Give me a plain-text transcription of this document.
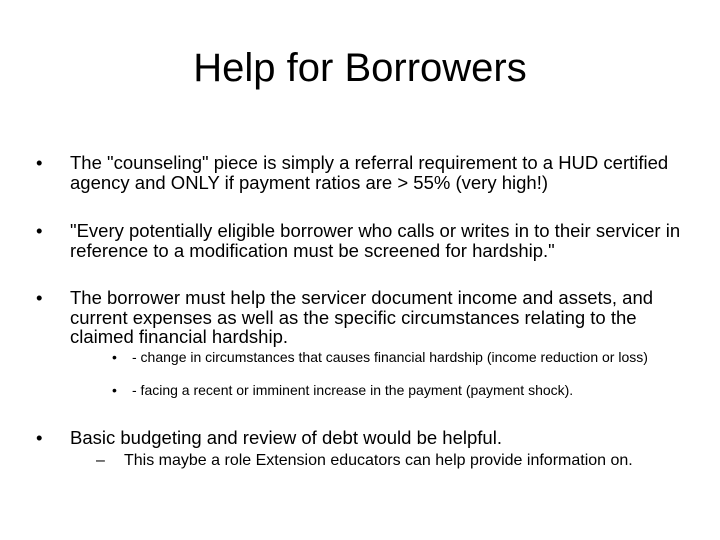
Help for Borrowers
• The "counseling" piece is simply a referral requirement to a HUD certified agency and ONLY if payment ratios are > 55% (very high!)
• "Every potentially eligible borrower who calls or writes in to their servicer in reference to a modification must be screened for hardship."
• The borrower must help the servicer document income and assets, and current expenses as well as the specific circumstances relating to the claimed financial hardship.
• - change in circumstances that causes financial hardship (income reduction or loss)
• - facing a recent or imminent increase in the payment (payment shock).
• Basic budgeting and review of debt would be helpful.
– This maybe a role Extension educators can help provide information on.
